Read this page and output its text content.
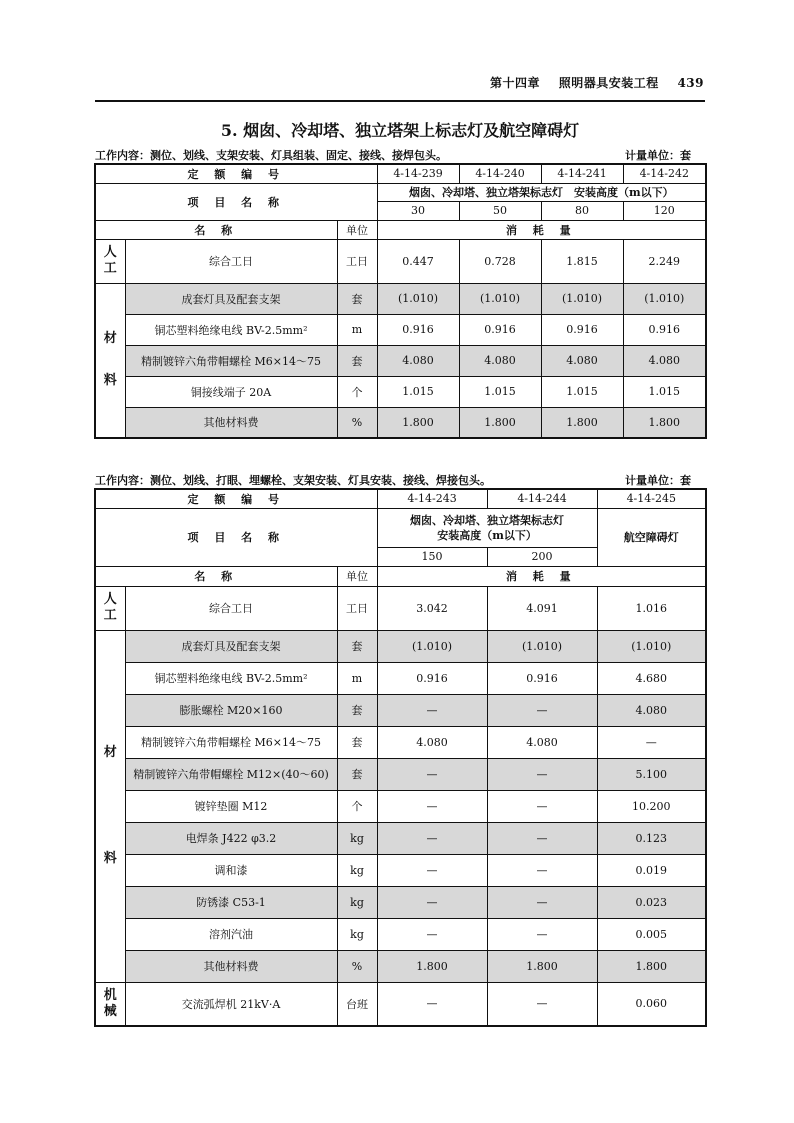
第十四章 照明器具安装工程 439
5. 烟囱、冷却塔、独立塔架上标志灯及航空障碍灯
工作内容：测位、划线、支架安装、灯具组装、固定、接线、接焊包头。	计量单位：套
定 额 编 号			4-14-239	4-14-240	4-14-241	4-14-242
项 目 名 称			烟囱、冷却塔、独立塔架标志灯　安装高度（m以下）			
			30	50	80	120
名 称		单位	消 耗 量			

人
工	综合工日	工日	0.447	0.728	1.815	2.249

材
料	成套灯具及配套支架	套	(1.010)	(1.010)	(1.010)	(1.010)
	铜芯塑料绝缘电线 BV-2.5mm²	m	0.916	0.916	0.916	0.916
	精制镀锌六角带帽螺栓 M6×14～75	套	4.080	4.080	4.080	4.080
	铜接线端子 20A	个	1.015	1.015	1.015	1.015
	其他材料费	%	1.800	1.800	1.800	1.800
工作内容：测位、划线、打眼、埋螺栓、支架安装、灯具安装、接线、焊接包头。	计量单位：套
定 额 编 号			4-14-243	4-14-244	4-14-245
项 目 名 称			烟囱、冷却塔、独立塔架标志灯
安装高度（m以下）		航空障碍灯
			150	200	
名 称		单位	消 耗 量		

人
工	综合工日	工日	3.042	4.091	1.016

材
料	成套灯具及配套支架	套	(1.010)	(1.010)	(1.010)
	铜芯塑料绝缘电线 BV-2.5mm²	m	0.916	0.916	4.680
	膨胀螺栓 M20×160	套	—	—	4.080
	精制镀锌六角带帽螺栓 M6×14～75	套	4.080	4.080	—
	精制镀锌六角带帽螺栓 M12×(40～60)	套	—	—	5.100
	镀锌垫圈 M12	个	—	—	10.200
	电焊条 J422 φ3.2	kg	—	—	0.123
	调和漆	kg	—	—	0.019
	防锈漆 C53-1	kg	—	—	0.023
	溶剂汽油	kg	—	—	0.005
	其他材料费	%	1.800	1.800	1.800

机
械	交流弧焊机 21kV·A	台班	—	—	0.060
